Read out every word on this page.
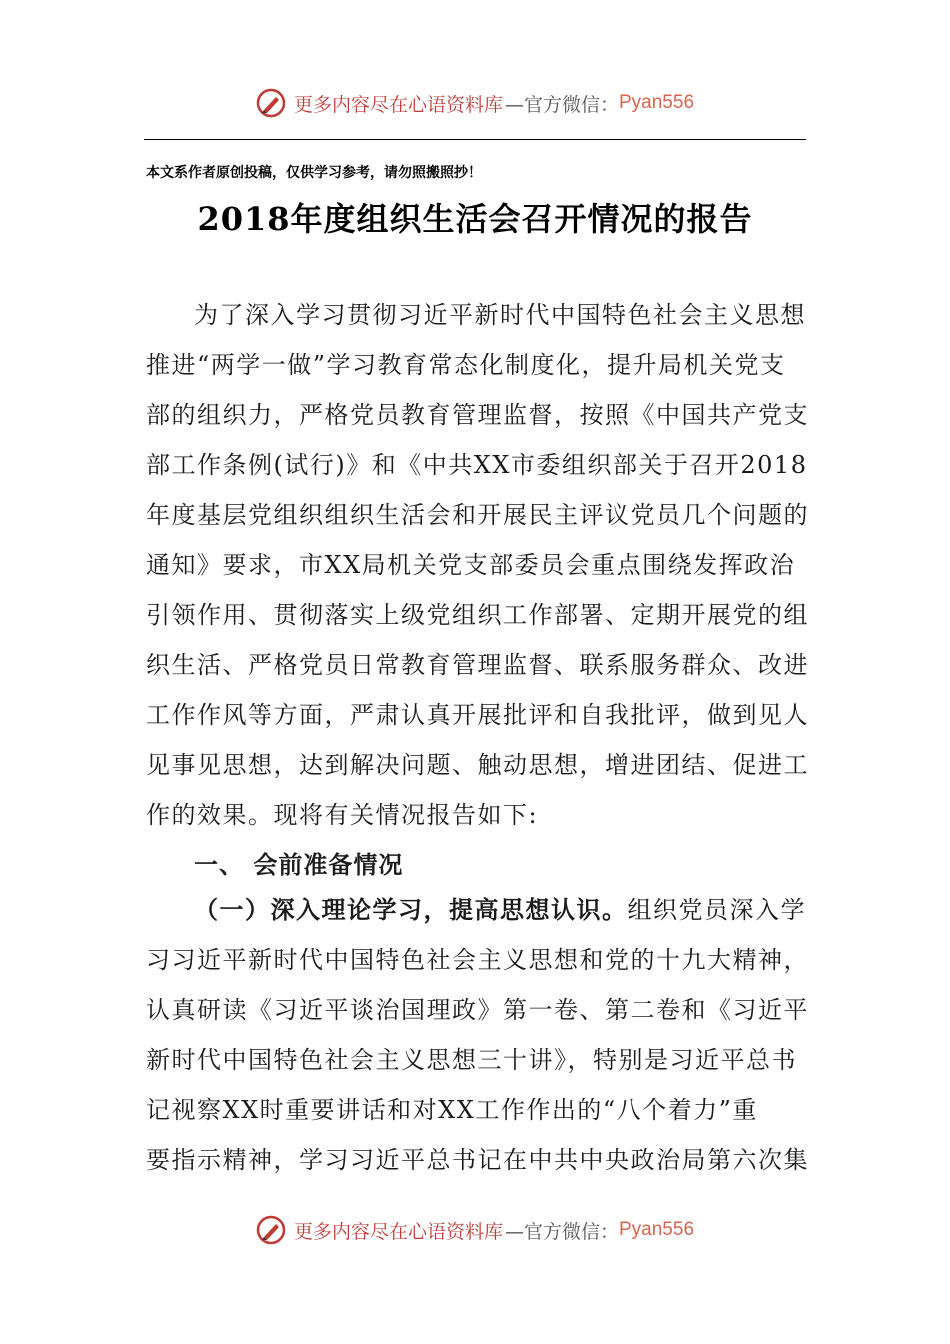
更多内容尽在心语资料库 —官方微信： Pyan556
本文系作者原创投稿，仅供学习参考，请勿照搬照抄！
2018年度组织生活会召开情况的报告
为了深入学习贯彻习近平新时代中国特色社会主义思想
推进“两学一做”学习教育常态化制度化，提升局机关党支
部的组织力，严格党员教育管理监督，按照《中国共产党支
部工作条例(试行)》和《中共XX市委组织部关于召开2018
年度基层党组织组织生活会和开展民主评议党员几个问题的
通知》要求，市XX局机关党支部委员会重点围绕发挥政治
引领作用、贯彻落实上级党组织工作部署、定期开展党的组
织生活、严格党员日常教育管理监督、联系服务群众、改进
工作作风等方面，严肃认真开展批评和自我批评，做到见人
见事见思想，达到解决问题、触动思想，增进团结、促进工
作的效果。现将有关情况报告如下:
一、 会前准备情况
（一）深入理论学习，提高思想认识。组织党员深入学
习习近平新时代中国特色社会主义思想和党的十九大精神，
认真研读《习近平谈治国理政》第一卷、第二卷和《习近平
新时代中国特色社会主义思想三十讲》，特别是习近平总书
记视察XX时重要讲话和对XX工作作出的“八个着力”重
要指示精神，学习习近平总书记在中共中央政治局第六次集
更多内容尽在心语资料库 —官方微信： Pyan556
